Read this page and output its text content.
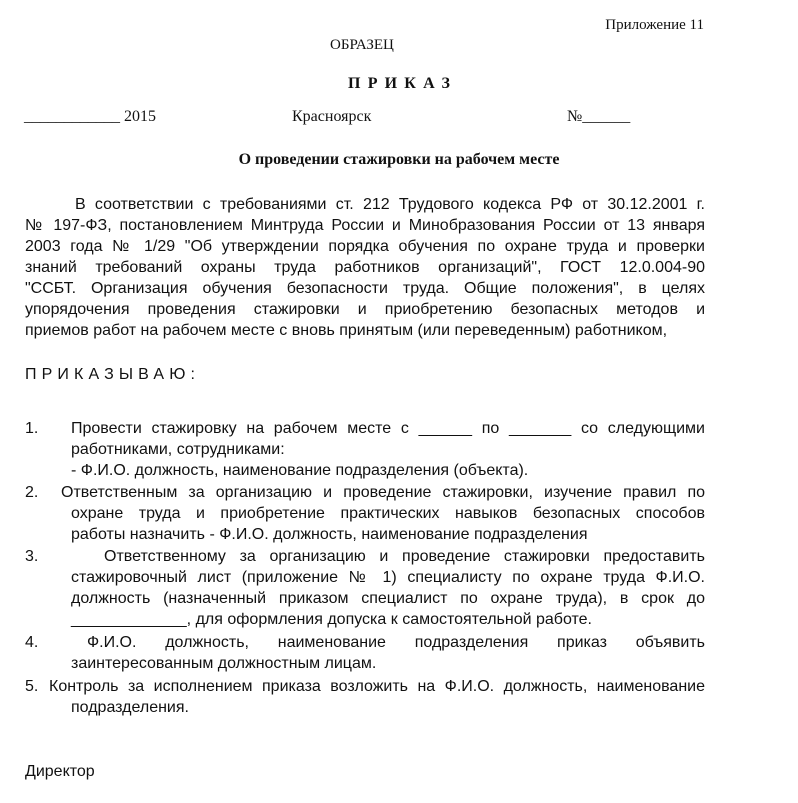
Приложение 11
ОБРАЗЕЦ
ПРИКАЗ
____________ 2015	Красноярск	№______
О проведении стажировки на рабочем месте
В соответствии с требованиями ст. 212 Трудового кодекса РФ от 30.12.2001 г.
№ 197-ФЗ, постановлением Минтруда России и Минобразования России от 13 января
2003 года № 1/29 "Об утверждении порядка обучения по охране труда и проверки
знаний требований охраны труда работников организаций", ГОСТ 12.0.004-90
"ССБТ. Организация обучения безопасности труда. Общие положения", в целях
упорядочения проведения стажировки и приобретению безопасных методов и
приемов работ на рабочем месте с вновь принятым (или переведенным) работником,
ПРИКАЗЫВАЮ:
1. Провести стажировку на рабочем месте с ______ по _______ со следующими
работниками, сотрудниками:
- Ф.И.О. должность, наименование подразделения (объекта).
2. Ответственным за организацию и проведение стажировки, изучение правил по
охране труда и приобретение практических навыков безопасных способов
работы назначить - Ф.И.О. должность, наименование подразделения
3.	Ответственному за организацию и проведение стажировки предоставить
стажировочный лист (приложение № 1) специалисту по охране труда Ф.И.О.
должность (назначенный приказом специалист по охране труда), в срок до
_____________, для оформления допуска к самостоятельной работе.
4.	Ф.И.О. должность, наименование подразделения приказ объявить
заинтересованным должностным лицам.
5. Контроль за исполнением приказа возложить на Ф.И.О. должность, наименование
подразделения.
Директор
